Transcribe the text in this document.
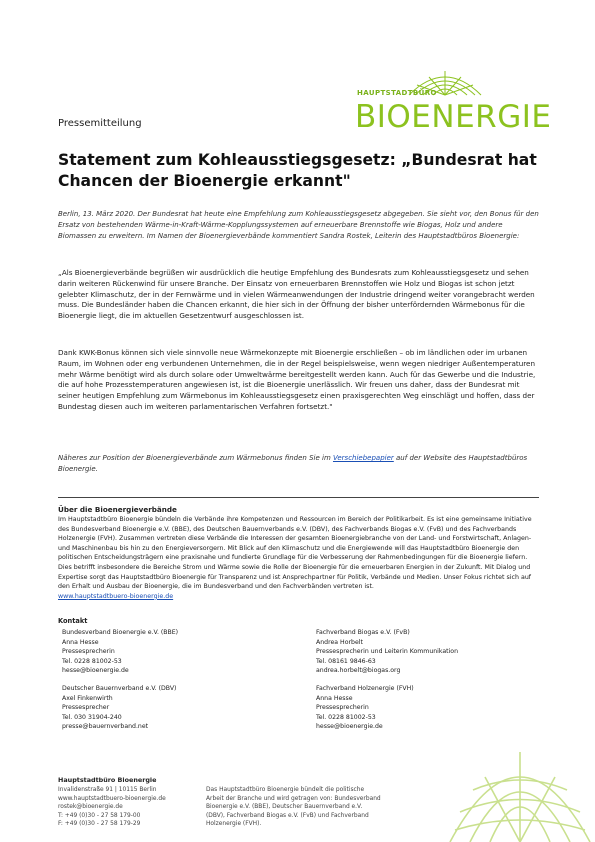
HAUPTSTADTBÜRO
BIOENERGIE
Pressemitteilung
Statement zum Kohleausstiegsgesetz: „Bundesrat hat Chancen der Bioenergie erkannt"
Berlin, 13. März 2020. Der Bundesrat hat heute eine Empfehlung zum Kohleausstiegsgesetz abgegeben. Sie sieht vor, den Bonus für den Ersatz von bestehenden Wärme-in-Kraft-Wärme-Kopplungssystemen auf erneuerbare Brennstoffe wie Biogas, Holz und andere Biomassen zu erweitern. Im Namen der Bioenergieverbände kommentiert Sandra Rostek, Leiterin des Hauptstadtbüros Bioenergie:
„Als Bioenergieverbände begrüßen wir ausdrücklich die heutige Empfehlung des Bundesrats zum Kohleausstiegsgesetz und sehen darin weiteren Rückenwind für unsere Branche. Der Einsatz von erneuerbaren Brennstoffen wie Holz und Biogas ist schon jetzt gelebter Klimaschutz, der in der Fernwärme und in vielen Wärmeanwendungen der Industrie dringend weiter vorangebracht werden muss. Die Bundesländer haben die Chancen erkannt, die hier sich in der Öffnung der bisher unterfördernden Wärmebonus für die Bioenergie liegt, die im aktuellen Gesetzentwurf ausgeschlossen ist.
Dank KWK-Bonus können sich viele sinnvolle neue Wärmekonzepte mit Bioenergie erschließen – ob im ländlichen oder im urbanen Raum, im Wohnen oder eng verbundenen Unternehmen, die in der Regel beispielsweise, wenn wegen niedriger Außentemperaturen mehr Wärme benötigt wird als durch solare oder Umweltwärme bereitgestellt werden kann. Auch für das Gewerbe und die Industrie, die auf hohe Prozesstemperaturen angewiesen ist, ist die Bioenergie unerlässlich. Wir freuen uns daher, dass der Bundesrat mit seiner heutigen Empfehlung zum Wärmebonus im Kohleausstiegsgesetz einen praxisgerechten Weg einschlägt und hoffen, dass der Bundestag diesen auch im weiteren parlamentarischen Verfahren fortsetzt."
Näheres zur Position der Bioenergieverbände zum Wärmebonus finden Sie im Verschiebepapier auf der Website des Hauptstadtbüros Bioenergie.
Über die Bioenergieverbände
Im Hauptstadtbüro Bioenergie bündeln die Verbände ihre Kompetenzen und Ressourcen im Bereich der Politikarbeit. Es ist eine gemeinsame Initiative des Bundesverband Bioenergie e.V. (BBE), des Deutschen Bauernverbands e.V. (DBV), des Fachverbands Biogas e.V. (FvB) und des Fachverbands Holzenergie (FVH). Zusammen vertreten diese Verbände die Interessen der gesamten Bioenergiebranche von der Land- und Forstwirtschaft, Anlagen- und Maschinenbau bis hin zu den Energieversorgern. Mit Blick auf den Klimaschutz und die Energiewende will das Hauptstadtbüro Bioenergie den politischen Entscheidungsträgern eine praxisnahe und fundierte Grundlage für die Verbesserung der Rahmenbedingungen für die Bioenergie liefern. Dies betrifft insbesondere die Bereiche Strom und Wärme sowie die Rolle der Bioenergie für die erneuerbaren Energien in der Zukunft. Mit Dialog und Expertise sorgt das Hauptstadtbüro Bioenergie für Transparenz und ist Ansprechpartner für Politik, Verbände und Medien. Unser Fokus richtet sich auf den Erhalt und Ausbau der Bioenergie, die im Bundesverband und den Fachverbänden vertreten ist.
www.hauptstadtbuero-bioenergie.de
Kontakt
Bundesverband Bioenergie e.V. (BBE)
Anna Hesse
Pressesprecherin
Tel. 0228 81002-53
hesse@bioenergie.de
Deutscher Bauernverband e.V. (DBV)
Axel Finkenwirth
Pressesprecher
Tel. 030 31904-240
presse@bauernverband.net
Fachverband Biogas e.V. (FvB)
Andrea Horbelt
Pressesprecherin und Leiterin Kommunikation
Tel. 08161 9846-63
andrea.horbelt@biogas.org
Fachverband Holzenergie (FVH)
Anna Hesse
Pressesprecherin
Tel. 0228 81002-53
hesse@bioenergie.de
Hauptstadtbüro Bioenergie
Invalidenstraße 91 | 10115 Berlin
www.hauptstadtbuero-bioenergie.de
rostek@bioenergie.de
T: +49 (0)30 - 27 58 179-00
F: +49 (0)30 - 27 58 179-29
Das Hauptstadtbüro Bioenergie bündelt die politische
Arbeit der Branche und wird getragen von: Bundesverband
Bioenergie e.V. (BBE), Deutscher Bauernverband e.V.
(DBV), Fachverband Biogas e.V. (FvB) und Fachverband
Holzenergie (FVH).
